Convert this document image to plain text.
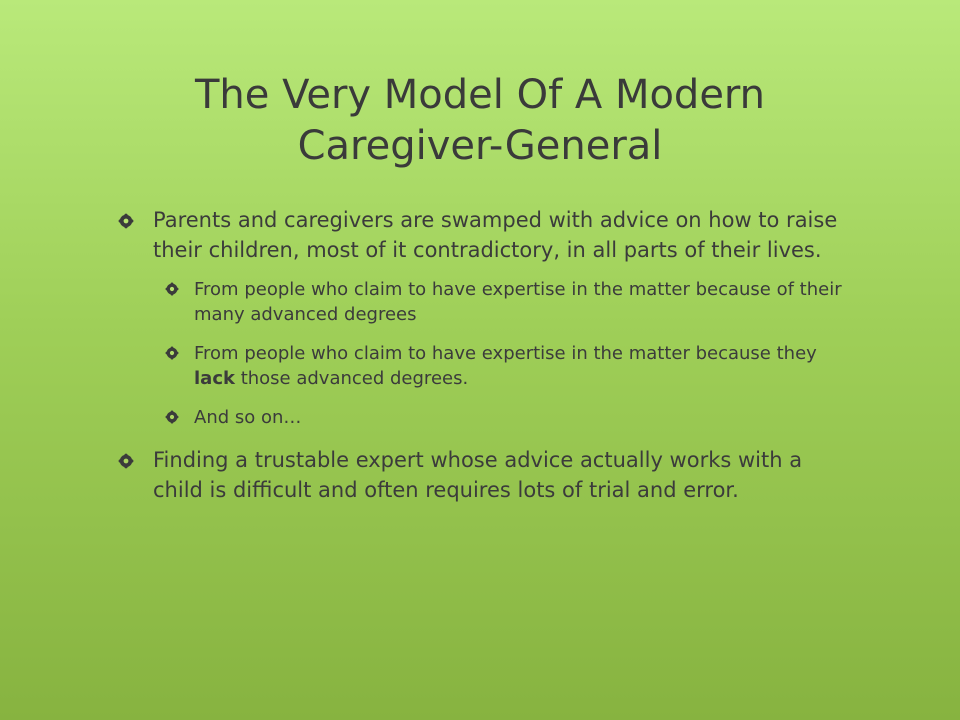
The Very Model Of A Modern
Caregiver-General
Parents and caregivers are swamped with advice on how to raise their children, most of it contradictory, in all parts of their lives.
From people who claim to have expertise in the matter because of their many advanced degrees
From people who claim to have expertise in the matter because they lack those advanced degrees.
And so on…
Finding a trustable expert whose advice actually works with a child is difficult and often requires lots of trial and error.
